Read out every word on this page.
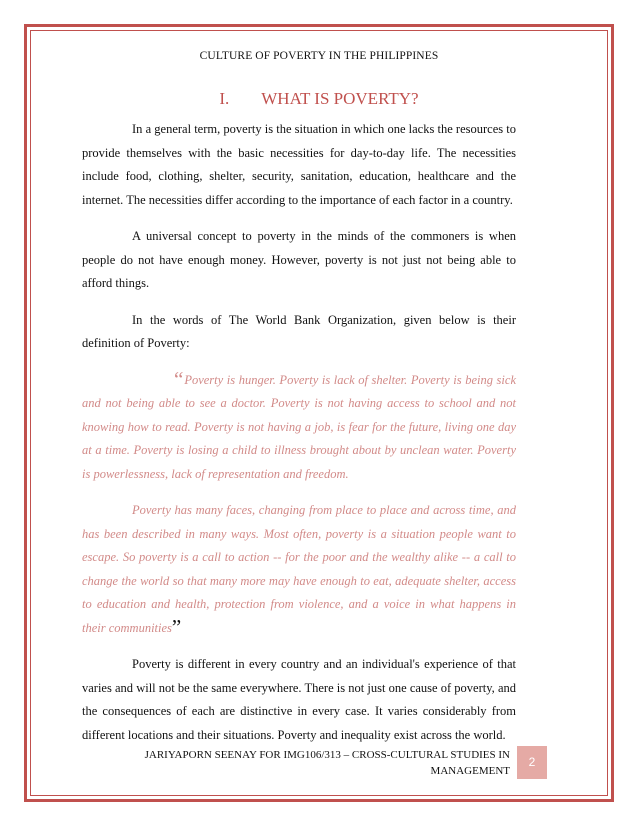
CULTURE OF POVERTY IN THE PHILIPPINES
I. WHAT IS POVERTY?

In a general term, poverty is the situation in which one lacks the resources to provide themselves with the basic necessities for day-to-day life. The necessities include food, clothing, shelter, security, sanitation, education, healthcare and the internet. The necessities differ according to the importance of each factor in a country.

A universal concept to poverty in the minds of the commoners is when people do not have enough money. However, poverty is not just not being able to afford things.

In the words of The World Bank Organization, given below is their definition of Poverty:

“Poverty is hunger. Poverty is lack of shelter. Poverty is being sick and not being able to see a doctor. Poverty is not having access to school and not knowing how to read. Poverty is not having a job, is fear for the future, living one day at a time. Poverty is losing a child to illness brought about by unclean water. Poverty is powerlessness, lack of representation and freedom.

Poverty has many faces, changing from place to place and across time, and has been described in many ways. Most often, poverty is a situation people want to escape. So poverty is a call to action -- for the poor and the wealthy alike -- a call to change the world so that many more may have enough to eat, adequate shelter, access to education and health, protection from violence, and a voice in what happens in their communities”

Poverty is different in every country and an individual's experience of that varies and will not be the same everywhere. There is not just one cause of poverty, and the consequences of each are distinctive in every case. It varies considerably from different locations and their situations. Poverty and inequality exist across the world.

JARIYAPORN SEENAY FOR IMG106/313 – CROSS-CULTURAL STUDIES IN
MANAGEMENT
2
